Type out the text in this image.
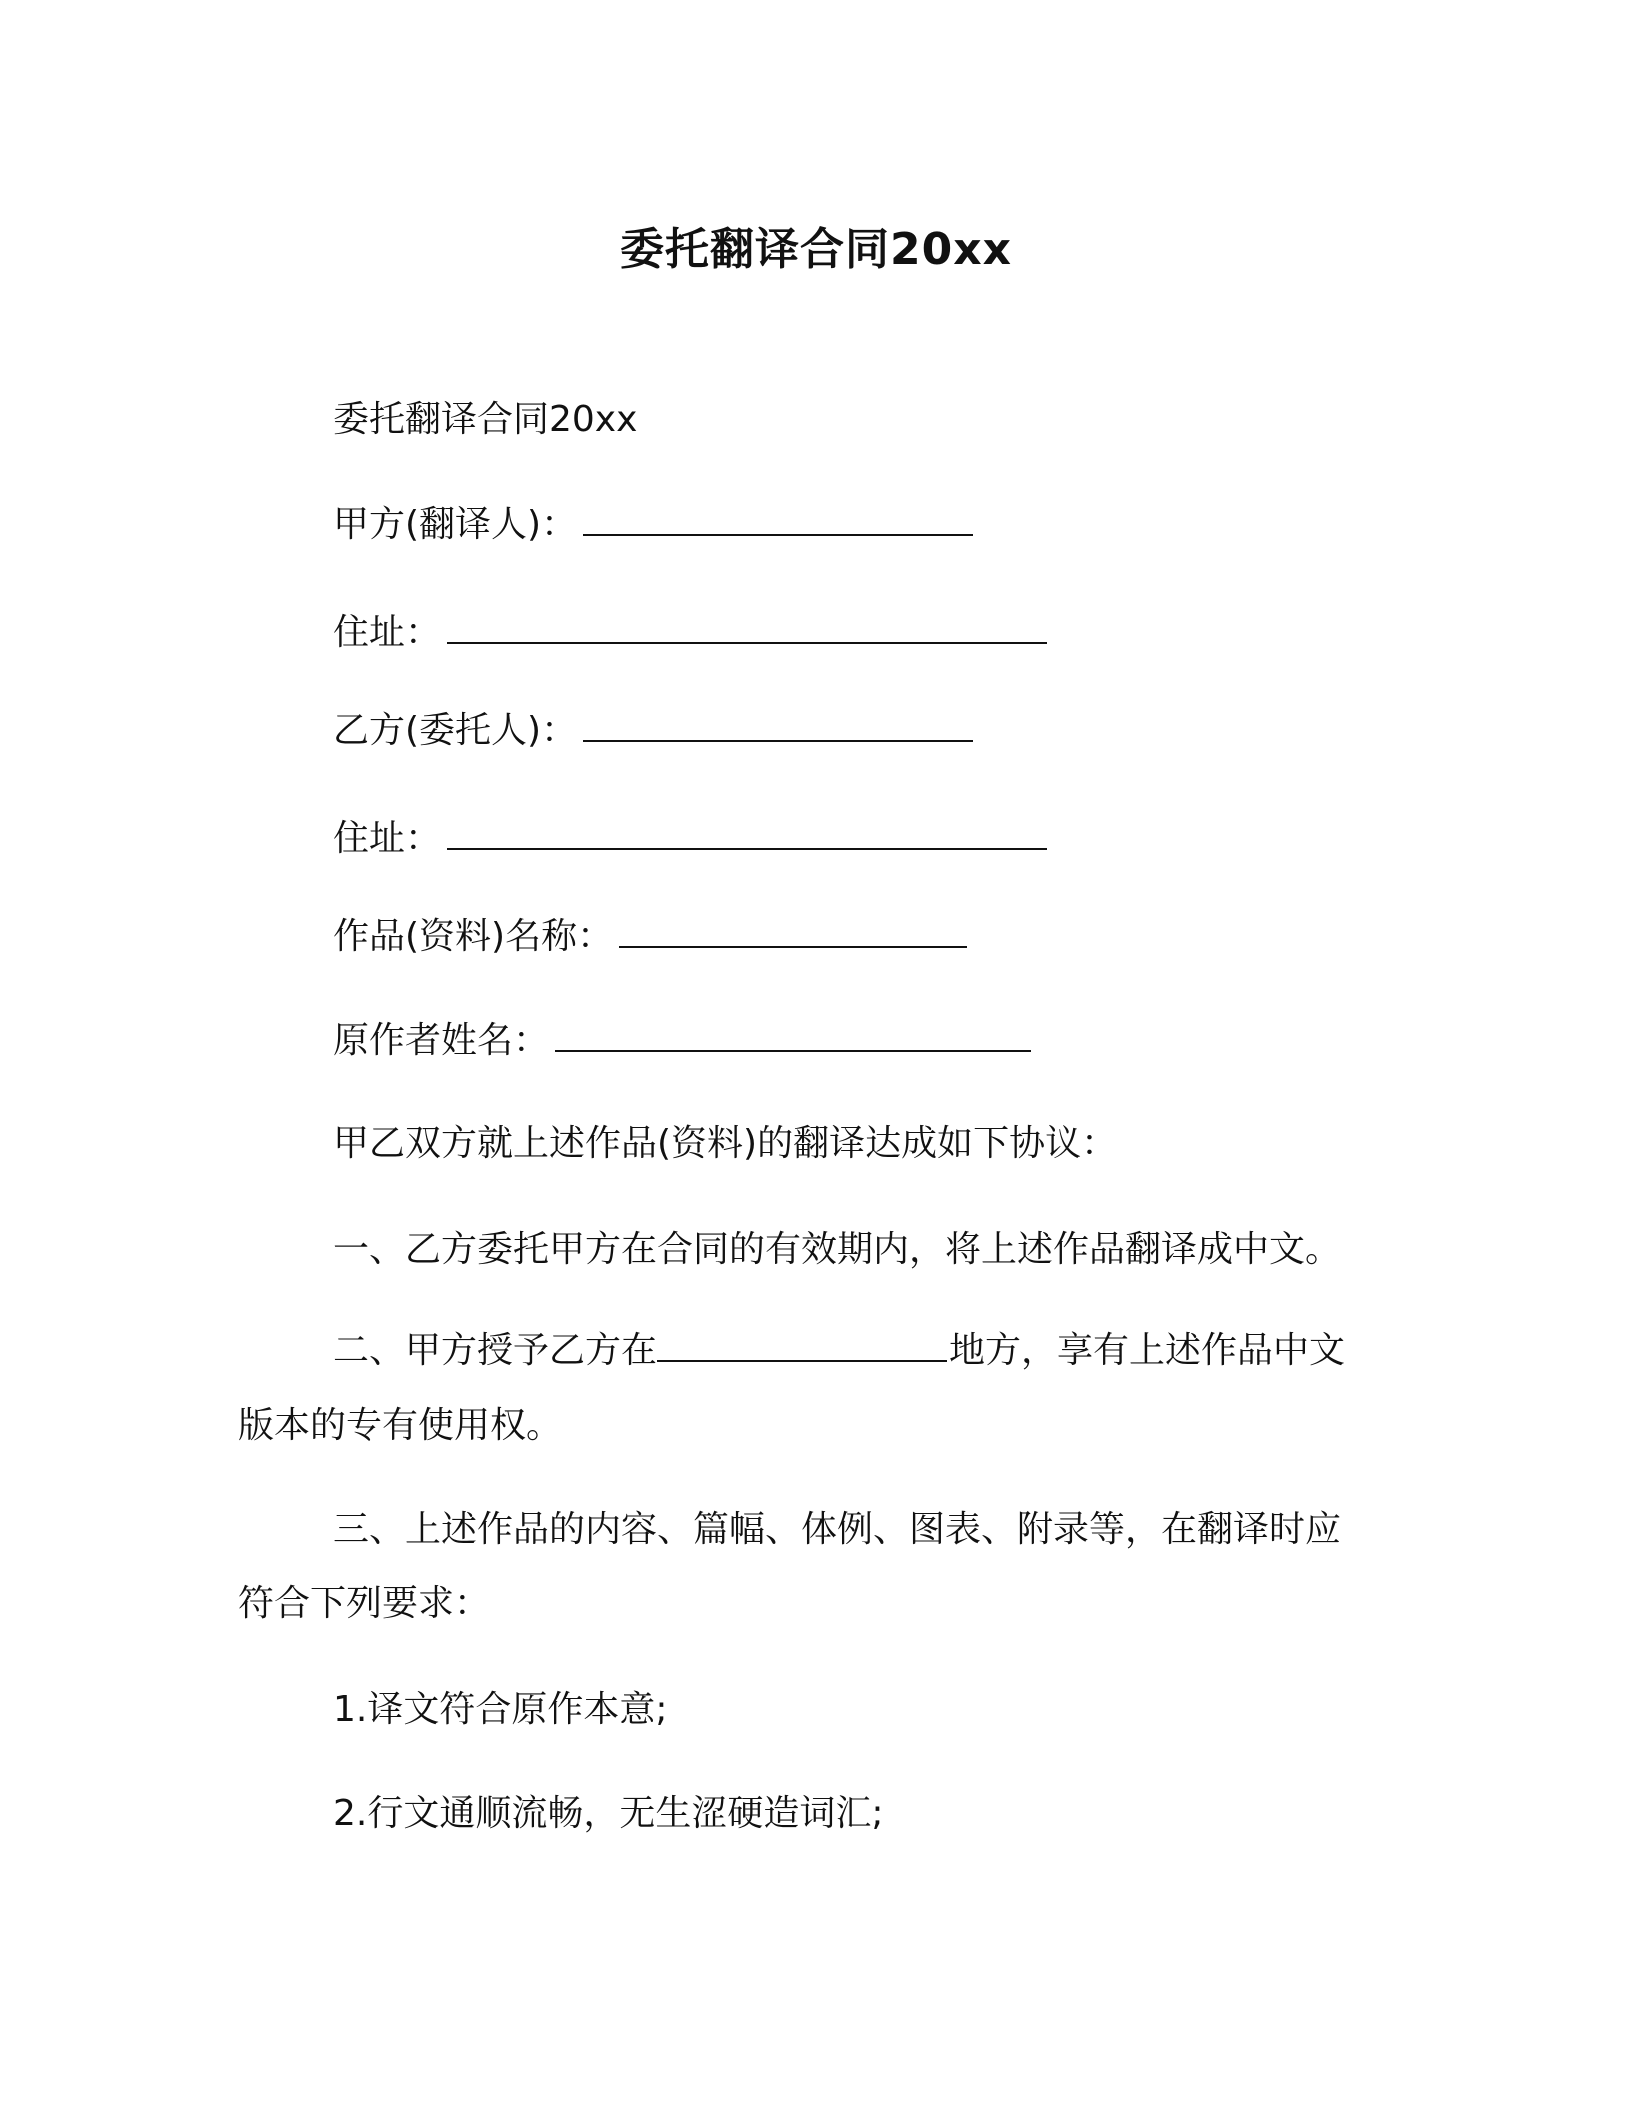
委托翻译合同20xx
委托翻译合同20xx
甲方(翻译人)：
住址：
乙方(委托人)：
住址：
作品(资料)名称：
原作者姓名：
甲乙双方就上述作品(资料)的翻译达成如下协议：
一、乙方委托甲方在合同的有效期内，将上述作品翻译成中文。
二、甲方授予乙方在	地方，享有上述作品中文
版本的专有使用权。
三、上述作品的内容、篇幅、体例、图表、附录等，在翻译时应
符合下列要求：
1.译文符合原作本意;
2.行文通顺流畅，无生涩硬造词汇;
